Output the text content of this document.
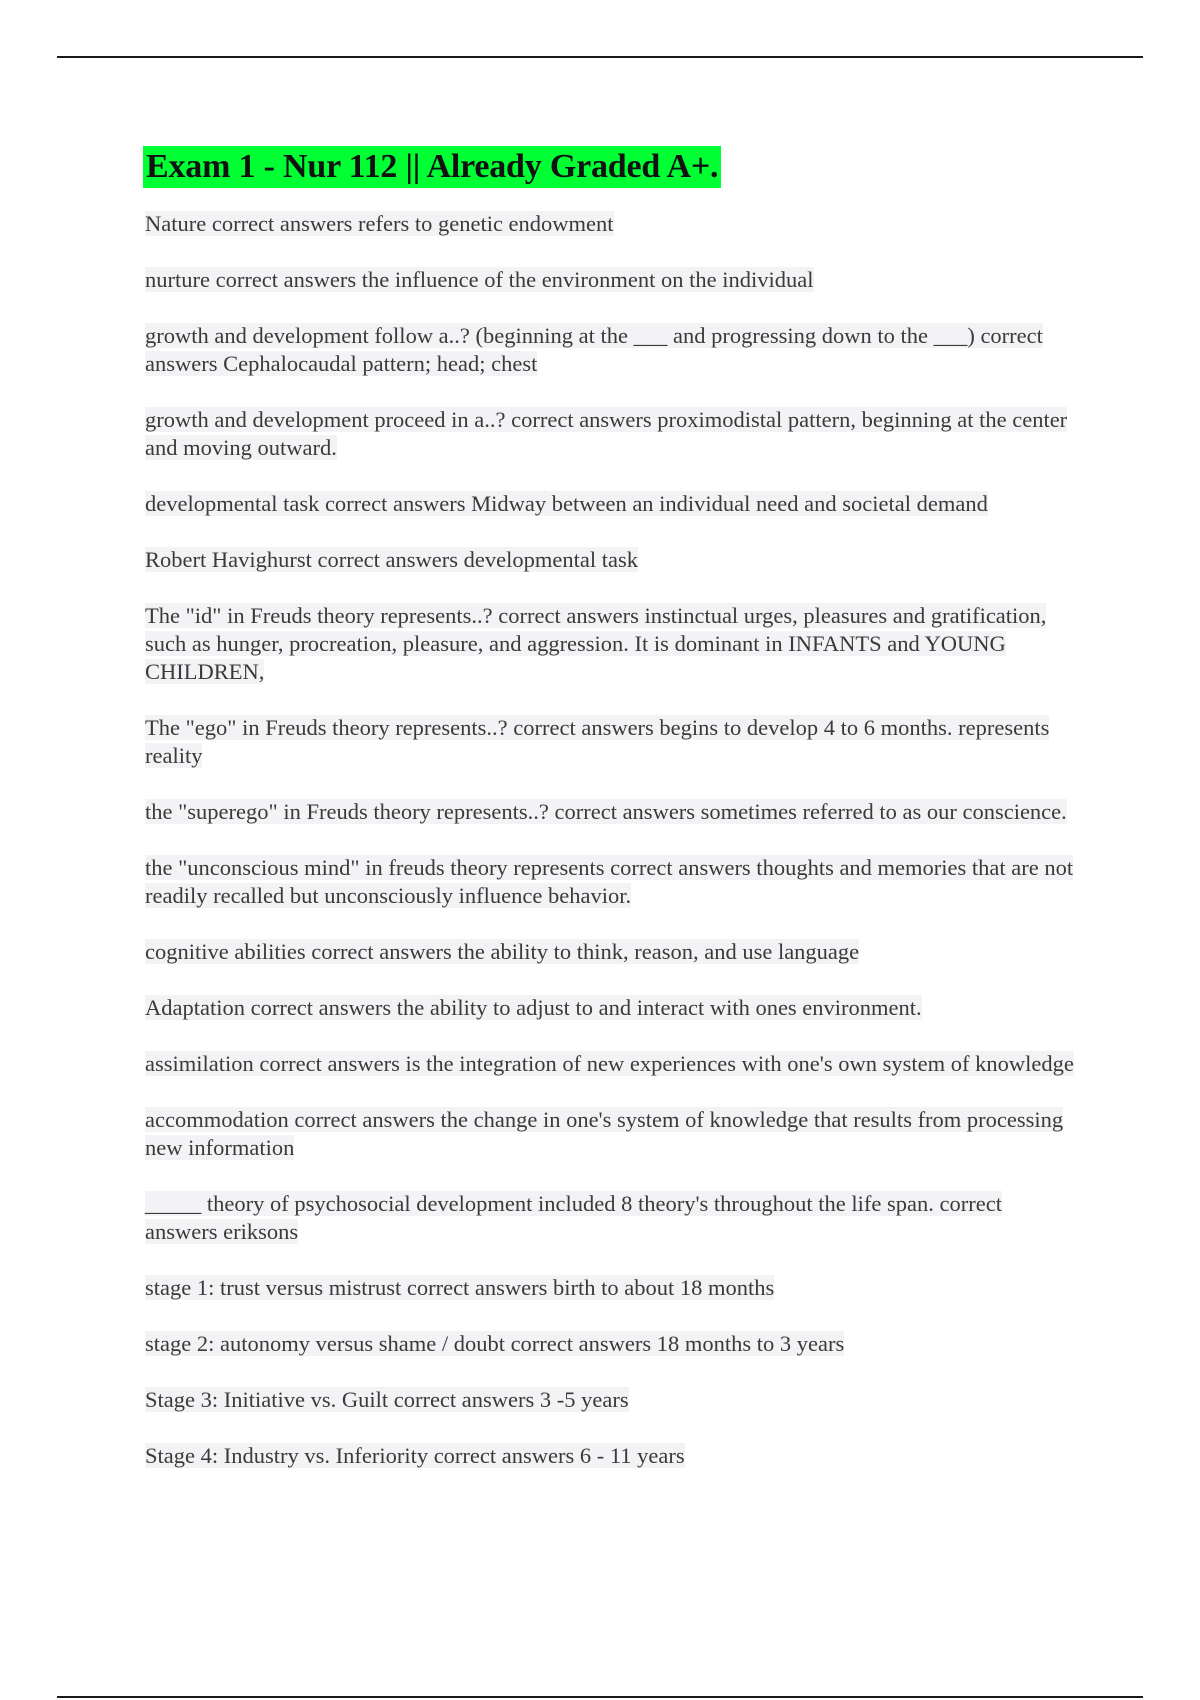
Exam 1 - Nur 112 || Already Graded A+.
Nature correct answers refers to genetic endowment
nurture correct answers the influence of the environment on the individual
growth and development follow a..? (beginning at the ___ and progressing down to the ___) correct answers Cephalocaudal pattern; head; chest
growth and development proceed in a..? correct answers proximodistal pattern, beginning at the center and moving outward.
developmental task correct answers Midway between an individual need and societal demand
Robert Havighurst correct answers developmental task
The "id" in Freuds theory represents..? correct answers instinctual urges, pleasures and gratification, such as hunger, procreation, pleasure, and aggression. It is dominant in INFANTS and YOUNG CHILDREN,
The "ego" in Freuds theory represents..? correct answers begins to develop 4 to 6 months. represents reality
the "superego" in Freuds theory represents..? correct answers sometimes referred to as our conscience.
the "unconscious mind" in freuds theory represents correct answers thoughts and memories that are not readily recalled but unconsciously influence behavior.
cognitive abilities correct answers the ability to think, reason, and use language
Adaptation correct answers the ability to adjust to and interact with ones environment.
assimilation correct answers is the integration of new experiences with one's own system of knowledge
accommodation correct answers the change in one's system of knowledge that results from processing new information
_____ theory of psychosocial development included 8 theory's throughout the life span. correct answers eriksons
stage 1: trust versus mistrust correct answers birth to about 18 months
stage 2: autonomy versus shame / doubt correct answers 18 months to 3 years
Stage 3: Initiative vs. Guilt correct answers 3 -5 years
Stage 4: Industry vs. Inferiority correct answers 6 - 11 years
